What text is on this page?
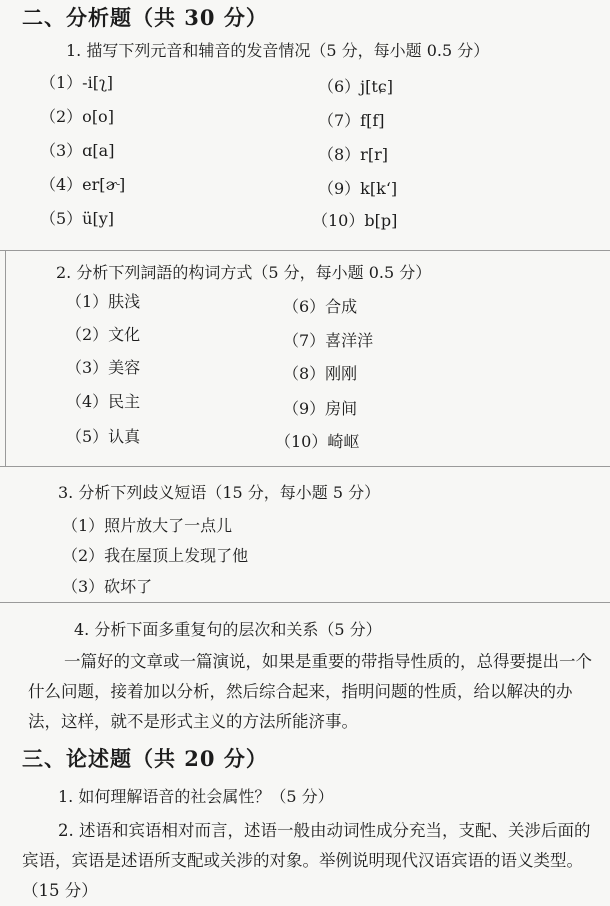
二、分析题（共 30 分）
1. 描写下列元音和辅音的发音情况（5 分，每小题 0.5 分）
（1）-i[ʅ]
（2）o[o]
（3）ɑ[a]
（4）er[ɚ]
（5）ü[y]
（6）j[tɕ]
（7）f[f]
（8）r[r]
（9）k[kʻ]
（10）b[p]
2. 分析下列詞語的构词方式（5 分，每小题 0.5 分）
（1）肤浅
（2）文化
（3）美容
（4）民主
（5）认真
（6）合成
（7）喜洋洋
（8）刚刚
（9）房间
（10）崎岖
3. 分析下列歧义短语（15 分，每小题 5 分）
（1）照片放大了一点儿
（2）我在屋顶上发现了他
（3）砍坏了
4. 分析下面多重复句的层次和关系（5 分）
一篇好的文章或一篇演说，如果是重要的带指导性质的，总得要提出一个什么问题，接着加以分析，然后综合起来，指明问题的性质，给以解决的办法，这样，就不是形式主义的方法所能济事。
三、论述题（共 20 分）
1. 如何理解语音的社会属性？（5 分）
2. 述语和宾语相对而言，述语一般由动词性成分充当，支配、关涉后面的宾语，宾语是述语所支配或关涉的对象。举例说明现代汉语宾语的语义类型。（15 分）
